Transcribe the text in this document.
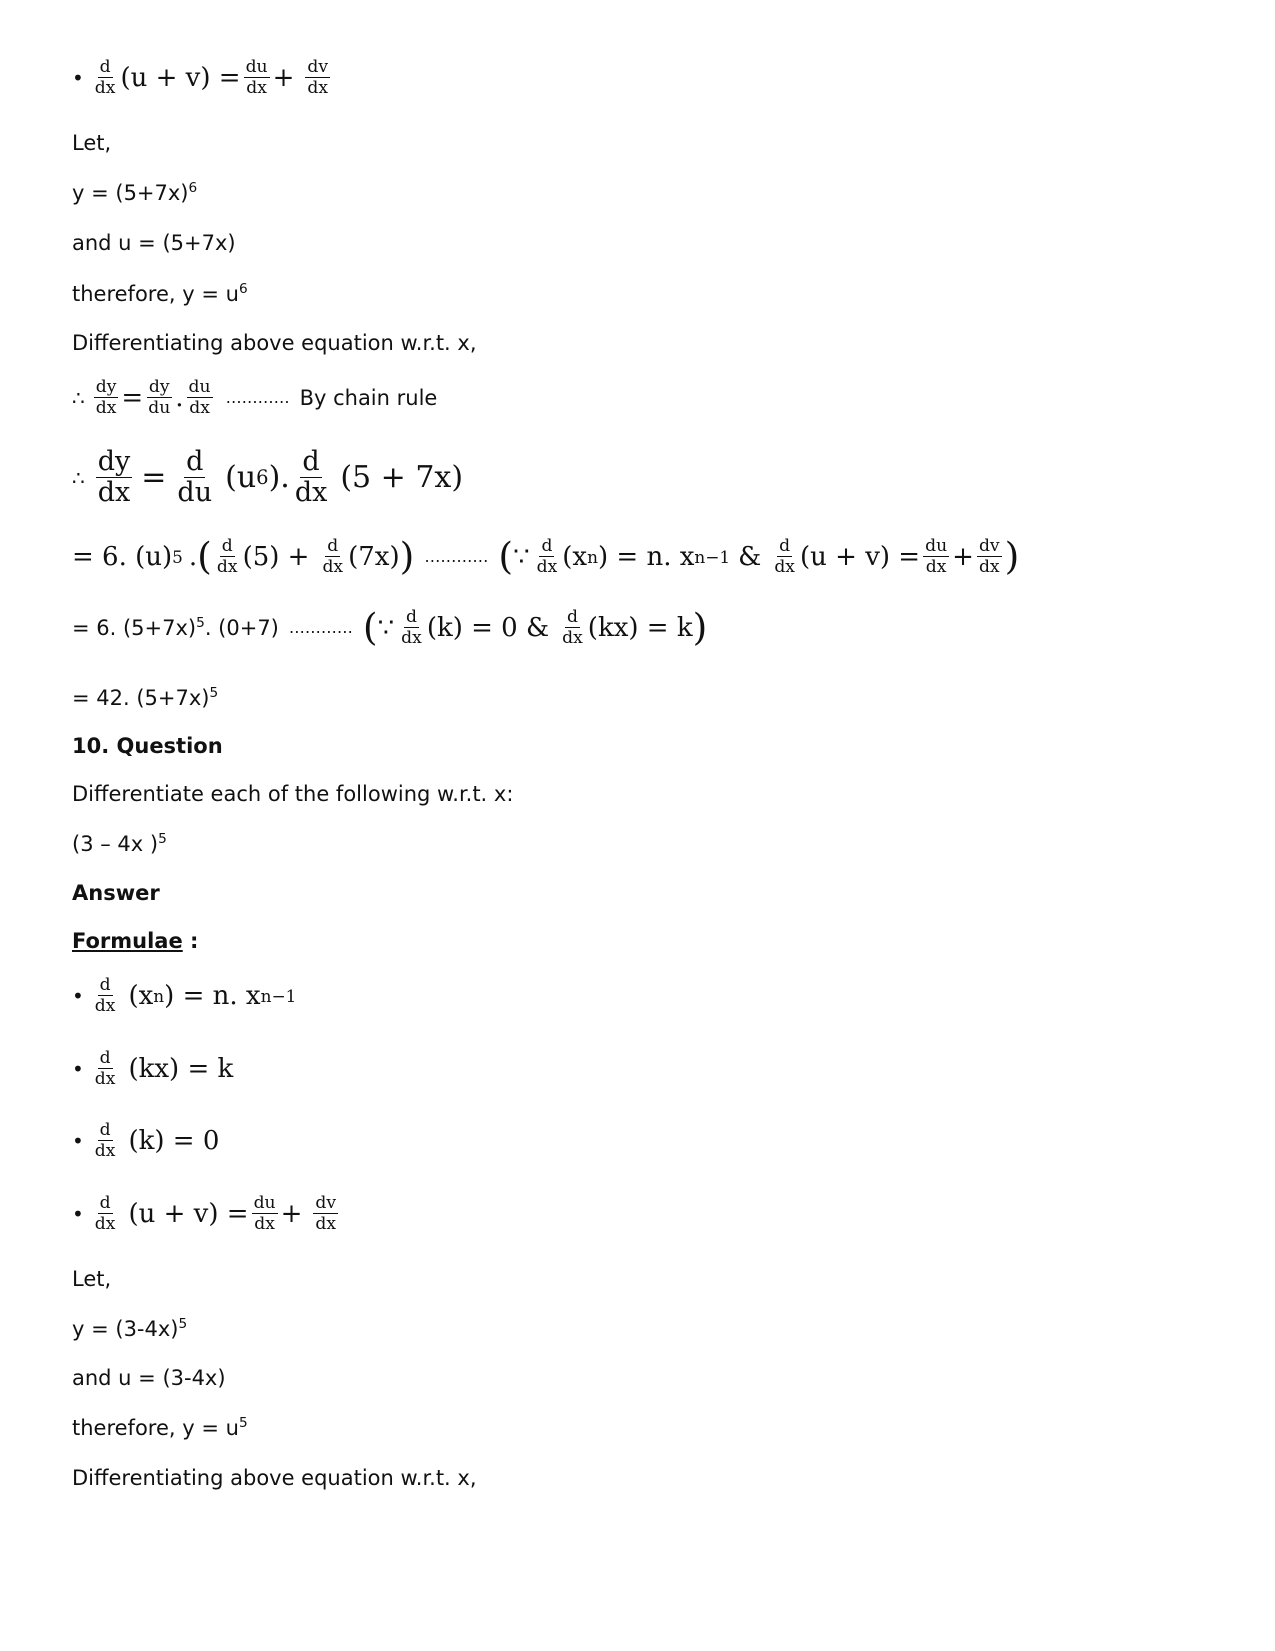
• $\frac{d}{dx} (u + v) = \frac{du}{dx} + \frac{dv}{dx}$
Let,
$y = (5+7x)^6$
and u = (5+7x)
therefore, $y = u^6$
Differentiating above equation w.r.t. x,
∴ $\frac{dy}{dx} = \frac{dy}{du}$ . $\frac{du}{dx}$ ………… By chain rule
∴ $\frac{dy}{dx} = \frac{d}{du} (u$ 6 ). $\frac{d}{dx} (5 + 7x)$
= 6. (u) 5 . ( $\frac{d}{dx} (5) + \frac{d}{dx} (7x)$ ) ………… ( ∵ $\frac{d}{dx} (x$ n ) = n. x n−1 & $\frac{d}{dx} (u + v) = \frac{du}{dx} + \frac{dv}{dx}$ )
= 6. $(5+7x)^5$. (0+7) ………… ( ∵ $\frac{d}{dx} (k) = 0$ & $\frac{d}{dx} (kx) = k$ )
= 42. $(5+7x)^5$
10. Question
Differentiate each of the following w.r.t. x:
(3 – 4x )$^5$
Answer
Formulae :
• $\frac{d}{dx} (x$ n ) = n. x n−1
• $\frac{d}{dx} (kx) = k$
• $\frac{d}{dx} (k) = 0$
• $\frac{d}{dx} (u + v) = \frac{du}{dx} + \frac{dv}{dx}$
Let,
$y = (3-4x)^5$
and u = (3-4x)
therefore, $y = u^5$
Differentiating above equation w.r.t. x,
